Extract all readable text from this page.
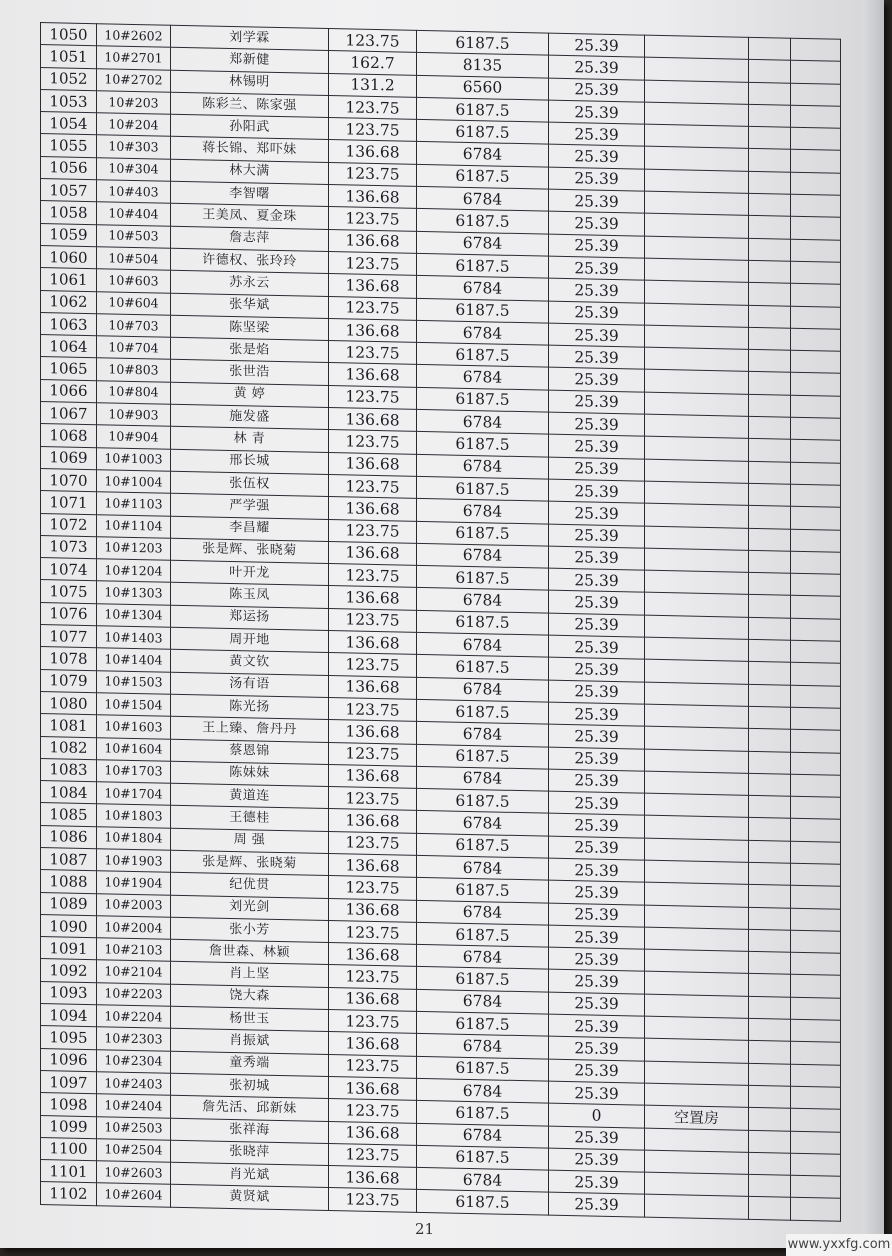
1050	10#2602	刘学霖	123.75	6187.5	25.39			
1051	10#2701	郑新健	162.7	8135	25.39			
1052	10#2702	林锡明	131.2	6560	25.39			
1053	10#203	陈彩兰、陈家强	123.75	6187.5	25.39			
1054	10#204	孙阳武	123.75	6187.5	25.39			
1055	10#303	蒋长锦、郑吓妹	136.68	6784	25.39			
1056	10#304	林大满	123.75	6187.5	25.39			
1057	10#403	李智曙	136.68	6784	25.39			
1058	10#404	王美凤、夏金珠	123.75	6187.5	25.39			
1059	10#503	詹志萍	136.68	6784	25.39			
1060	10#504	许德权、张玲玲	123.75	6187.5	25.39			
1061	10#603	苏永云	136.68	6784	25.39			
1062	10#604	张华斌	123.75	6187.5	25.39			
1063	10#703	陈坚梁	136.68	6784	25.39			
1064	10#704	张是焰	123.75	6187.5	25.39			
1065	10#803	张世浩	136.68	6784	25.39			
1066	10#804	黄 婷	123.75	6187.5	25.39			
1067	10#903	施发盛	136.68	6784	25.39			
1068	10#904	林 青	123.75	6187.5	25.39			
1069	10#1003	邢长城	136.68	6784	25.39			
1070	10#1004	张伍权	123.75	6187.5	25.39			
1071	10#1103	严学强	136.68	6784	25.39			
1072	10#1104	李昌耀	123.75	6187.5	25.39			
1073	10#1203	张是辉、张晓菊	136.68	6784	25.39			
1074	10#1204	叶开龙	123.75	6187.5	25.39			
1075	10#1303	陈玉凤	136.68	6784	25.39			
1076	10#1304	郑运扬	123.75	6187.5	25.39			
1077	10#1403	周开地	136.68	6784	25.39			
1078	10#1404	黄文钦	123.75	6187.5	25.39			
1079	10#1503	汤有语	136.68	6784	25.39			
1080	10#1504	陈光扬	123.75	6187.5	25.39			
1081	10#1603	王上臻、詹丹丹	136.68	6784	25.39			
1082	10#1604	蔡恩锦	123.75	6187.5	25.39			
1083	10#1703	陈妹妹	136.68	6784	25.39			
1084	10#1704	黄道连	123.75	6187.5	25.39			
1085	10#1803	王德桂	136.68	6784	25.39			
1086	10#1804	周 强	123.75	6187.5	25.39			
1087	10#1903	张是辉、张晓菊	136.68	6784	25.39			
1088	10#1904	纪优贯	123.75	6187.5	25.39			
1089	10#2003	刘光剑	136.68	6784	25.39			
1090	10#2004	张小芳	123.75	6187.5	25.39			
1091	10#2103	詹世森、林颖	136.68	6784	25.39			
1092	10#2104	肖上坚	123.75	6187.5	25.39			
1093	10#2203	饶大森	136.68	6784	25.39			
1094	10#2204	杨世玉	123.75	6187.5	25.39			
1095	10#2303	肖振斌	136.68	6784	25.39			
1096	10#2304	童秀端	123.75	6187.5	25.39			
1097	10#2403	张初城	136.68	6784	25.39			
1098	10#2404	詹先活、邱新妹	123.75	6187.5	0	空置房		
1099	10#2503	张祥海	136.68	6784	25.39			
1100	10#2504	张晓萍	123.75	6187.5	25.39			
1101	10#2603	肖光斌	136.68	6784	25.39			
1102	10#2604	黄贤斌	123.75	6187.5	25.39			
21
www.yxxfg.com
